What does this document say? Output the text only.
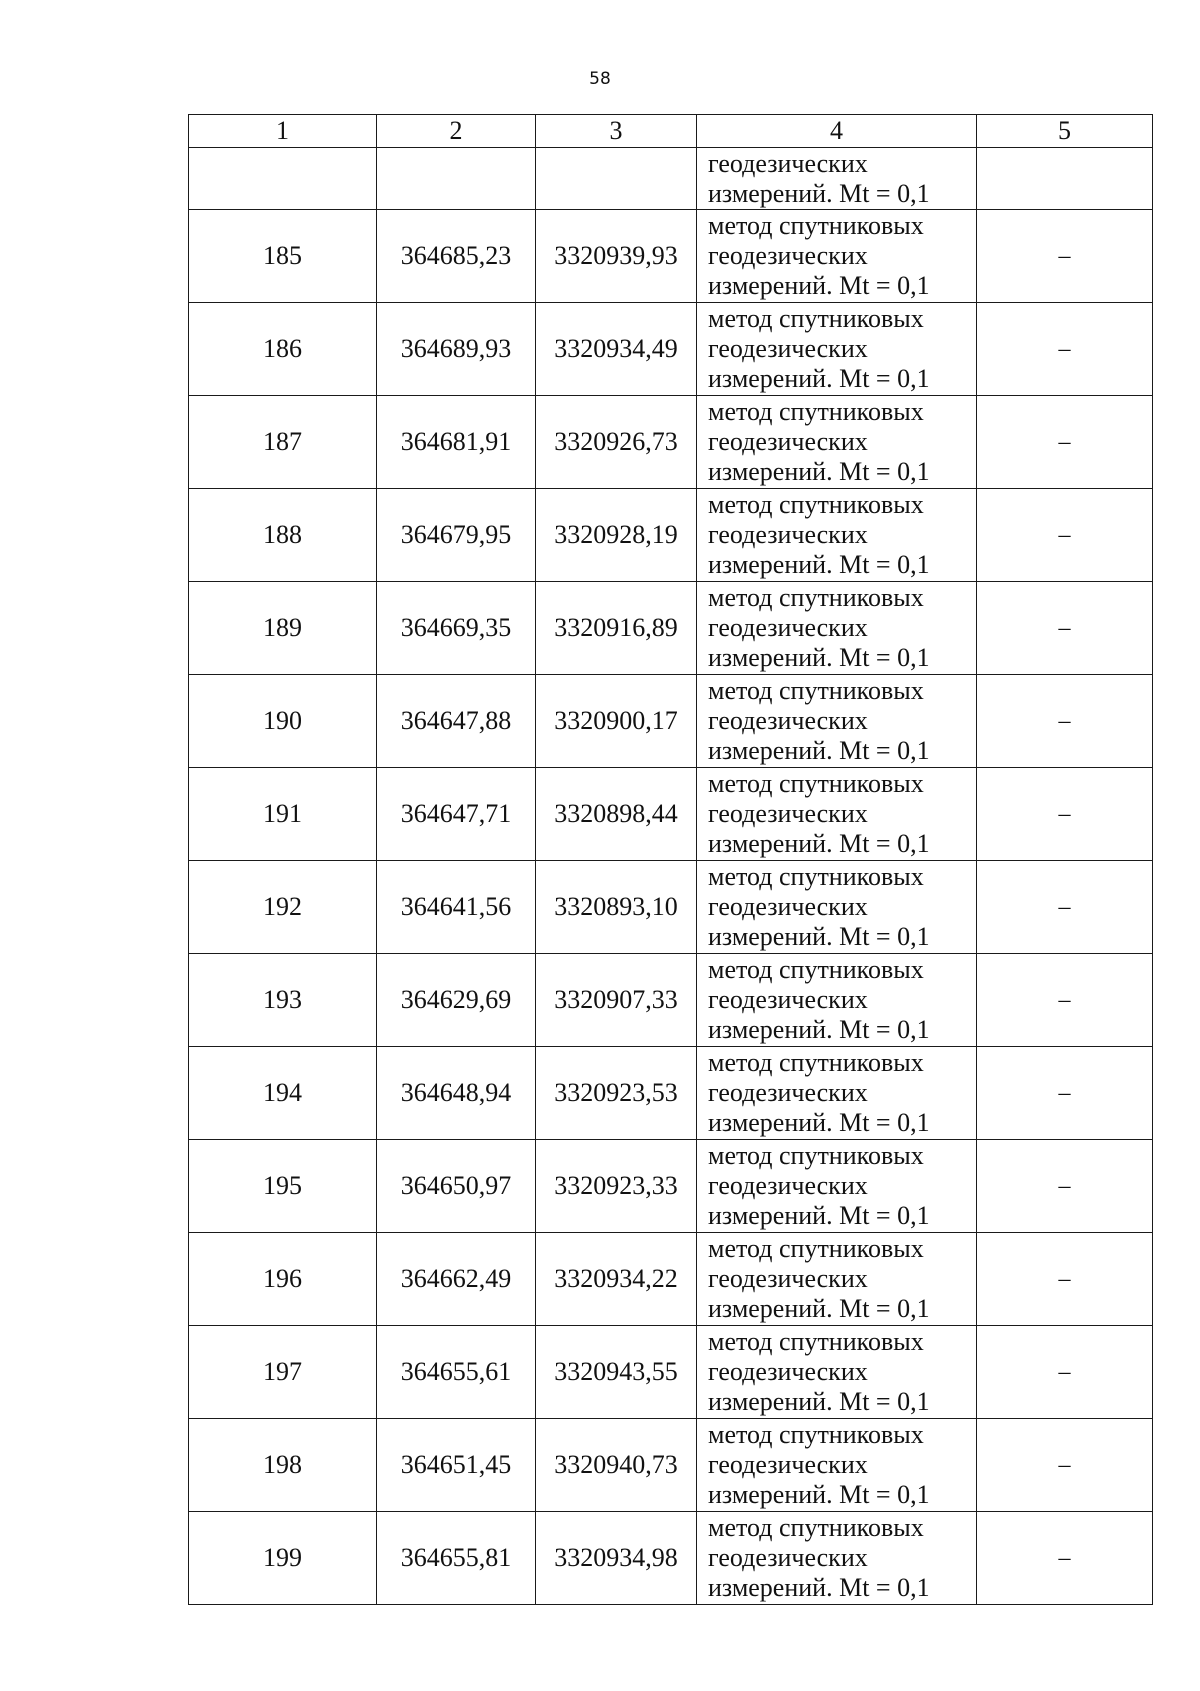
58
1	2	3	4	5

			геодезических
измерений. Mt = 0,1	

185	364685,23	3320939,93	метод спутниковых
геодезических
измерений. Mt = 0,1	–
186	364689,93	3320934,49	метод спутниковых
геодезических
измерений. Mt = 0,1	–
187	364681,91	3320926,73	метод спутниковых
геодезических
измерений. Mt = 0,1	–
188	364679,95	3320928,19	метод спутниковых
геодезических
измерений. Mt = 0,1	–
189	364669,35	3320916,89	метод спутниковых
геодезических
измерений. Mt = 0,1	–
190	364647,88	3320900,17	метод спутниковых
геодезических
измерений. Mt = 0,1	–
191	364647,71	3320898,44	метод спутниковых
геодезических
измерений. Mt = 0,1	–
192	364641,56	3320893,10	метод спутниковых
геодезических
измерений. Mt = 0,1	–
193	364629,69	3320907,33	метод спутниковых
геодезических
измерений. Mt = 0,1	–
194	364648,94	3320923,53	метод спутниковых
геодезических
измерений. Mt = 0,1	–
195	364650,97	3320923,33	метод спутниковых
геодезических
измерений. Mt = 0,1	–
196	364662,49	3320934,22	метод спутниковых
геодезических
измерений. Mt = 0,1	–
197	364655,61	3320943,55	метод спутниковых
геодезических
измерений. Mt = 0,1	–
198	364651,45	3320940,73	метод спутниковых
геодезических
измерений. Mt = 0,1	–
199	364655,81	3320934,98	метод спутниковых
геодезических
измерений. Mt = 0,1	–
